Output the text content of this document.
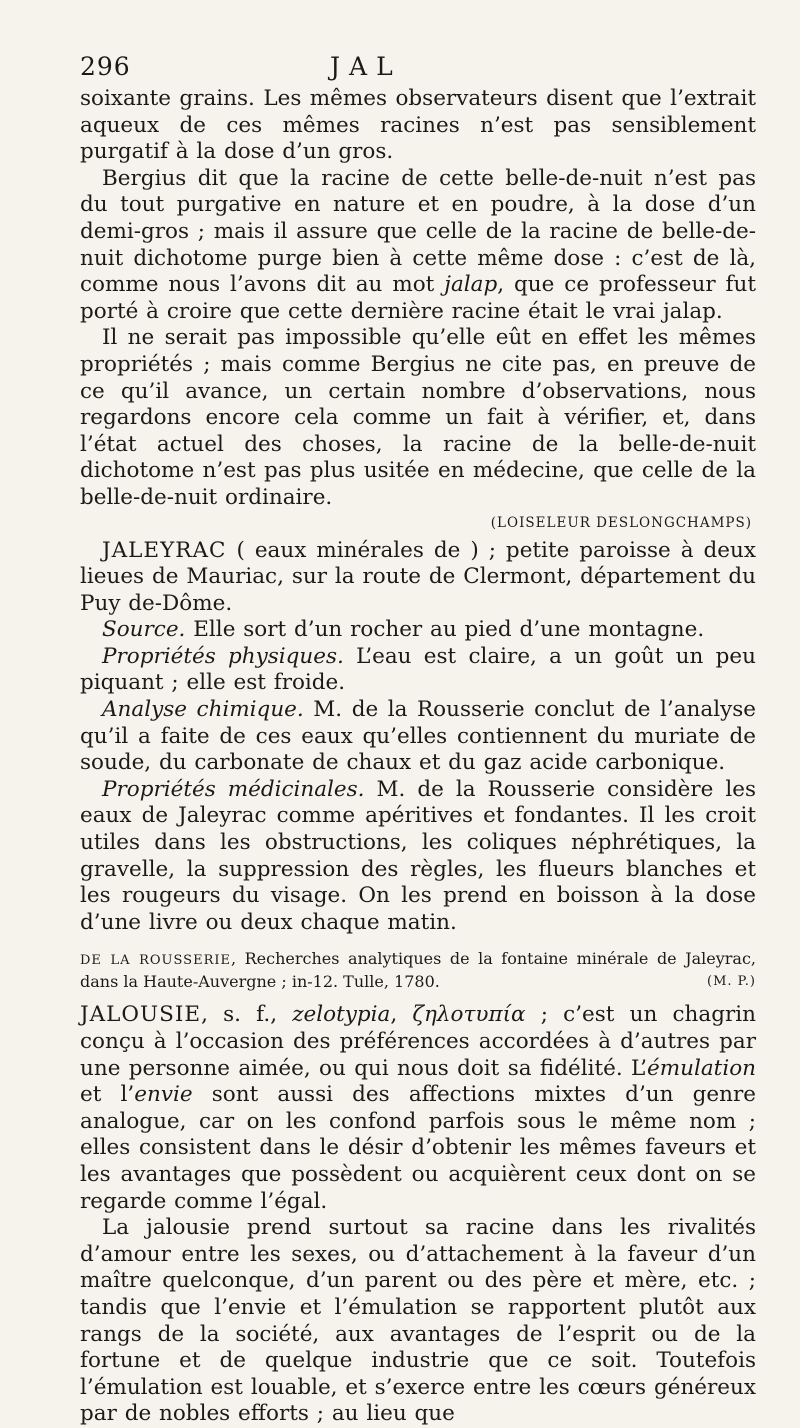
296	JAL

soixante grains. Les mêmes observateurs disent que l’extrait aqueux de ces mêmes racines n’est pas sensiblement purgatif à la dose d’un gros.

Bergius dit que la racine de cette belle-de-nuit n’est pas du tout purgative en nature et en poudre, à la dose d’un demi-gros ; mais il assure que celle de la racine de belle-de-nuit dichotome purge bien à cette même dose : c’est de là, comme nous l’avons dit au mot jalap, que ce professeur fut porté à croire que cette dernière racine était le vrai jalap.

Il ne serait pas impossible qu’elle eût en effet les mêmes propriétés ; mais comme Bergius ne cite pas, en preuve de ce qu’il avance, un certain nombre d’observations, nous regardons encore cela comme un fait à vérifier, et, dans l’état actuel des choses, la racine de la belle-de-nuit dichotome n’est pas plus usitée en médecine, que celle de la belle-de-nuit ordinaire.

(LOISELEUR DESLONGCHAMPS)

JALEYRAC ( eaux minérales de ) ; petite paroisse à deux lieues de Mauriac, sur la route de Clermont, département du Puy de-Dôme.

Source. Elle sort d’un rocher au pied d’une montagne.

Propriétés physiques. L’eau est claire, a un goût un peu piquant ; elle est froide.

Analyse chimique. M. de la Rousserie conclut de l’analyse qu’il a faite de ces eaux qu’elles contiennent du muriate de soude, du carbonate de chaux et du gaz acide carbonique.

Propriétés médicinales. M. de la Rousserie considère les eaux de Jaleyrac comme apéritives et fondantes. Il les croit utiles dans les obstructions, les coliques néphrétiques, la gravelle, la suppression des règles, les flueurs blanches et les rougeurs du visage. On les prend en boisson à la dose d’une livre ou deux chaque matin.

DE LA ROUSSERIE, Recherches analytiques de la fontaine minérale de Jaleyrac, dans la Haute-Auvergne ; in-12. Tulle, 1780.	(M. P.)

JALOUSIE, s. f., zelotypia, ζηλοτυπία ; c’est un chagrin conçu à l’occasion des préférences accordées à d’autres par une personne aimée, ou qui nous doit sa fidélité. L’émulation et l’envie sont aussi des affections mixtes d’un genre analogue, car on les confond parfois sous le même nom ; elles consistent dans le désir d’obtenir les mêmes faveurs et les avantages que possèdent ou acquièrent ceux dont on se regarde comme l’égal.

La jalousie prend surtout sa racine dans les rivalités d’amour entre les sexes, ou d’attachement à la faveur d’un maître quelconque, d’un parent ou des père et mère, etc. ; tandis que l’envie et l’émulation se rapportent plutôt aux rangs de la société, aux avantages de l’esprit ou de la fortune et de quelque industrie que ce soit. Toutefois l’émulation est louable, et s’exerce entre les cœurs généreux par de nobles efforts ; au lieu que
